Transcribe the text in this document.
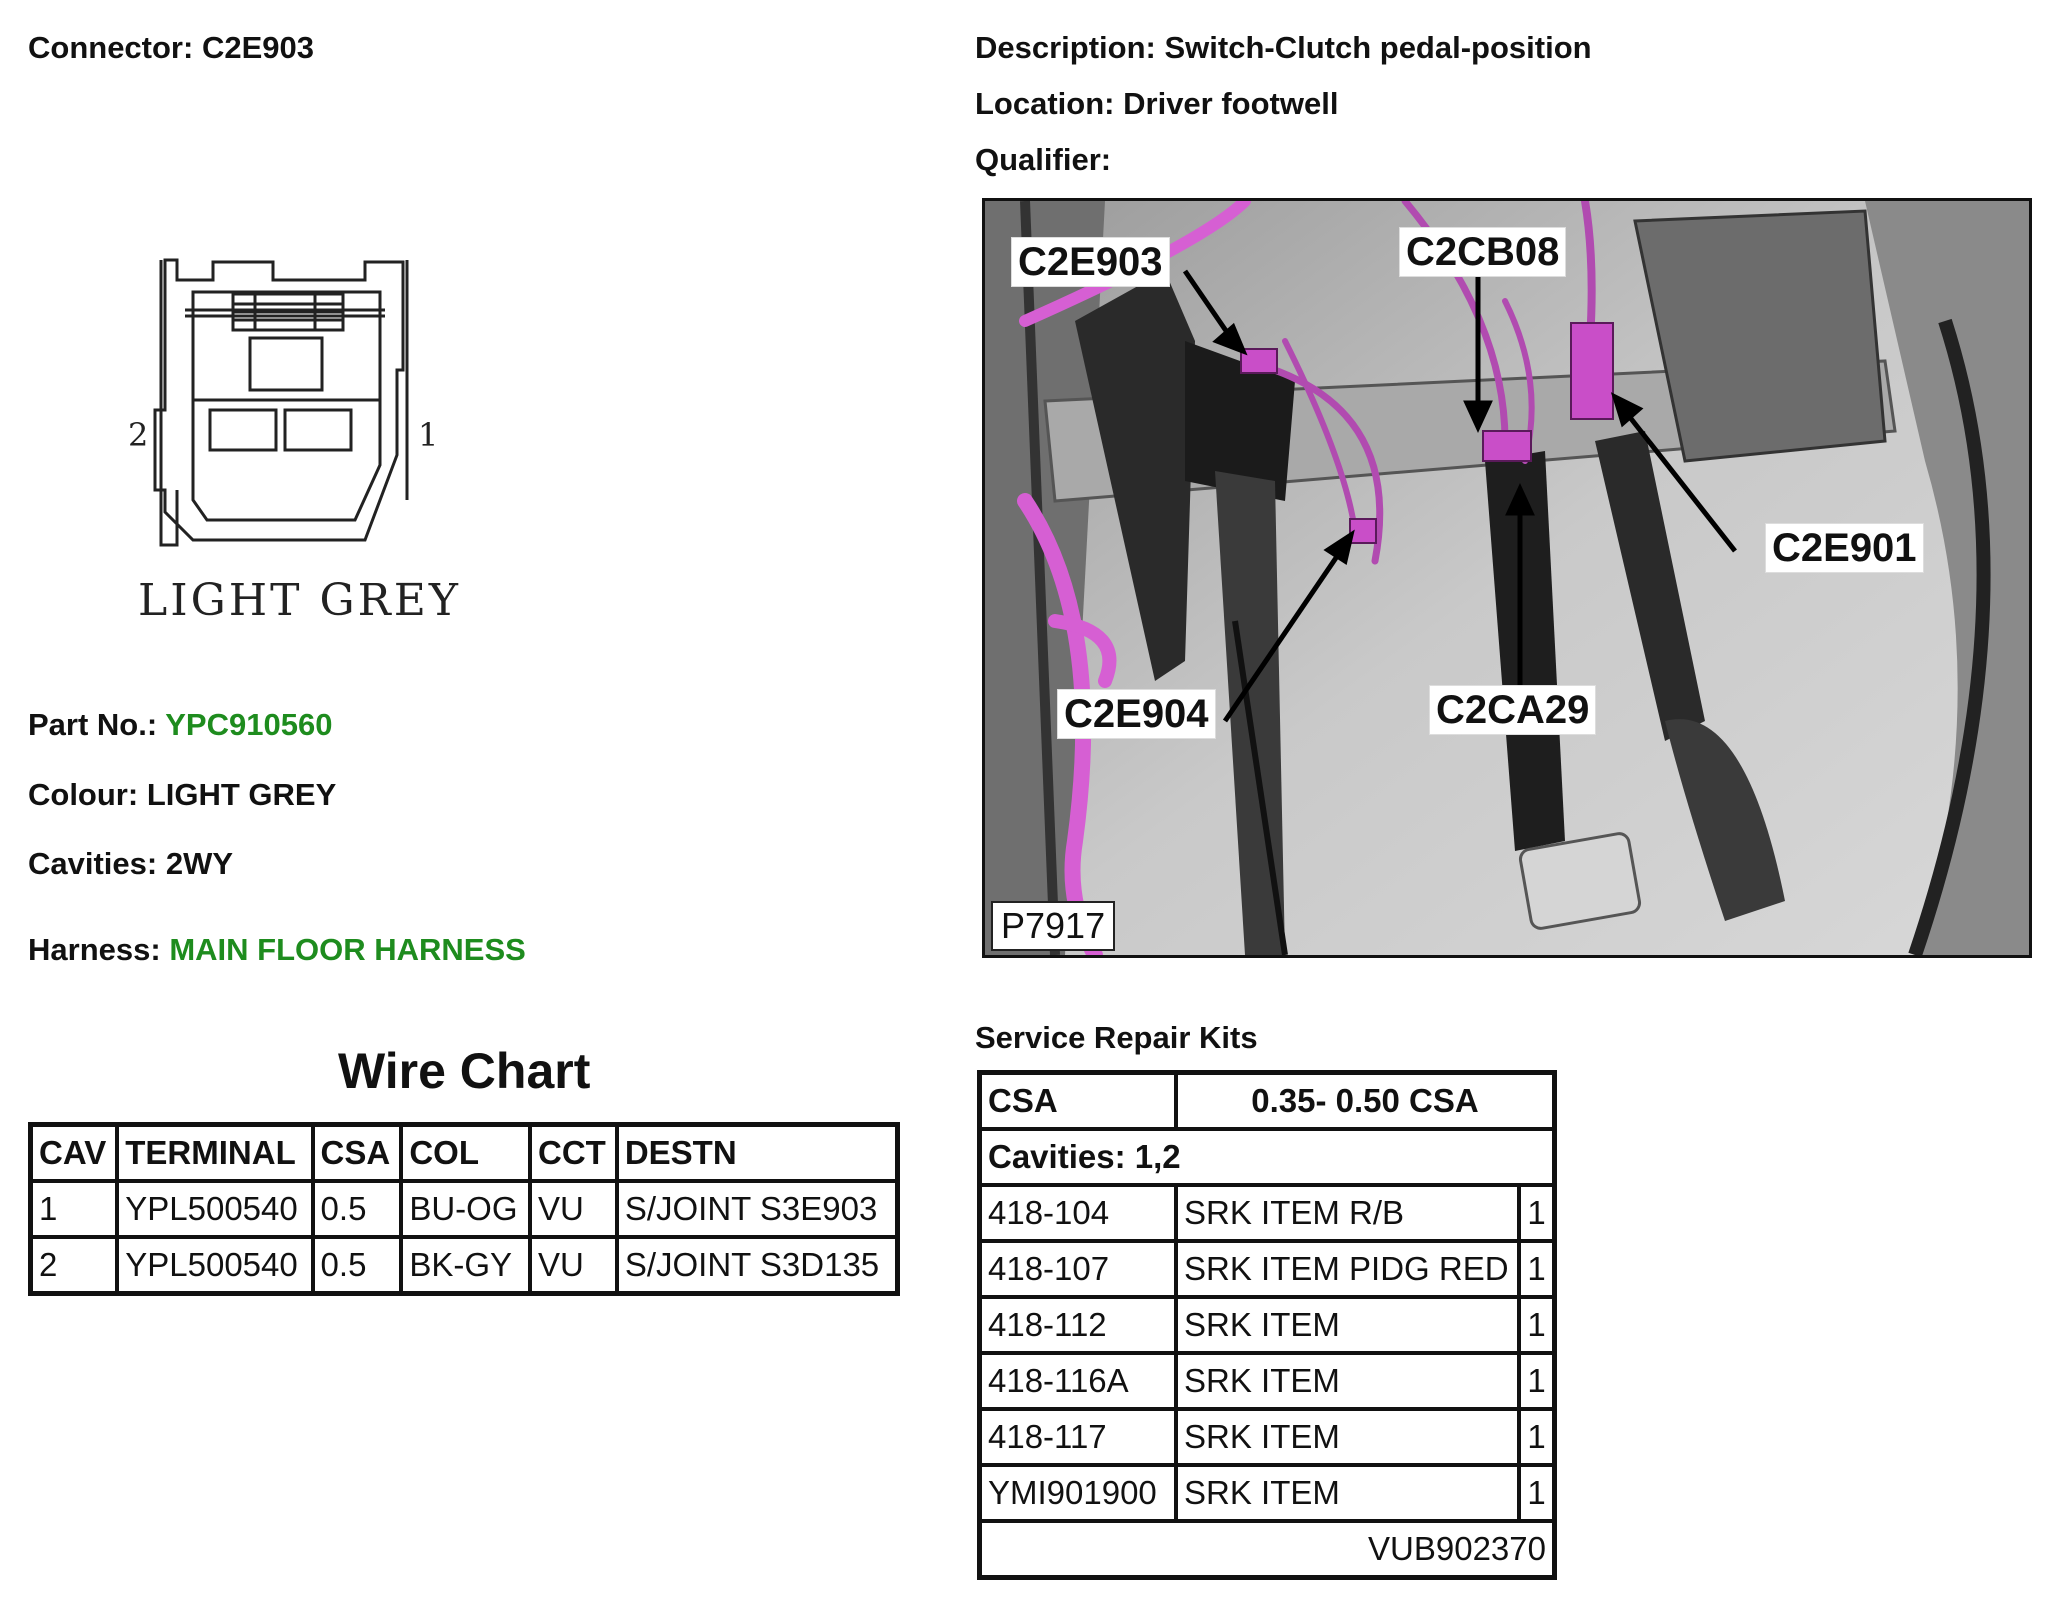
Connector: C2E903	Description: Switch-Clutch pedal-position
Location: Driver footwell
Qualifier:
2	1
LIGHT GREY
Part No.: YPC910560
Colour: LIGHT GREY
Cavities: 2WY
Harness: MAIN FLOOR HARNESS
C2E903	C2CB08
C2E901
C2E904	C2CA29
P7917
Wire Chart
CAV	TERMINAL	CSA	COL	CCT	DESTN
1	YPL500540	0.5	BU-OG	VU	S/JOINT S3E903
2	YPL500540	0.5	BK-GY	VU	S/JOINT S3D135
Service Repair Kits
CSA	0.35- 0.50 CSA	
Cavities: 1,2		
418-104	SRK ITEM R/B	1
418-107	SRK ITEM PIDG RED	1
418-112	SRK ITEM	1
418-116A	SRK ITEM	1
418-117	SRK ITEM	1
YMI901900	SRK ITEM	1
VUB902370		
